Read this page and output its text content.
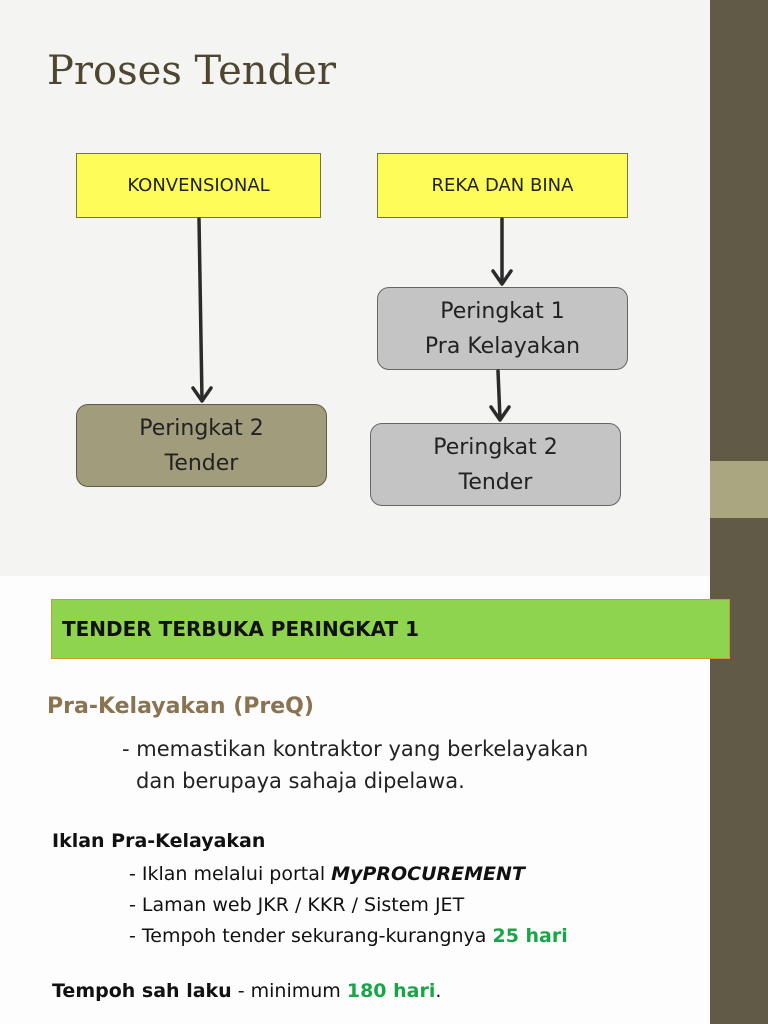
Proses Tender
KONVENSIONAL	REKA DAN BINA
Peringkat 2
Tender
Peringkat 1
Pra Kelayakan
Peringkat 2
Tender
TENDER TERBUKA PERINGKAT 1
Pra-Kelayakan (PreQ)
- memastikan kontraktor yang berkelayakan
dan berupaya sahaja dipelawa.
Iklan Pra-Kelayakan
- Iklan melalui portal MyPROCUREMENT
- Laman web JKR / KKR / Sistem JET
- Tempoh tender sekurang-kurangnya 25 hari
Tempoh sah laku - minimum 180 hari.
